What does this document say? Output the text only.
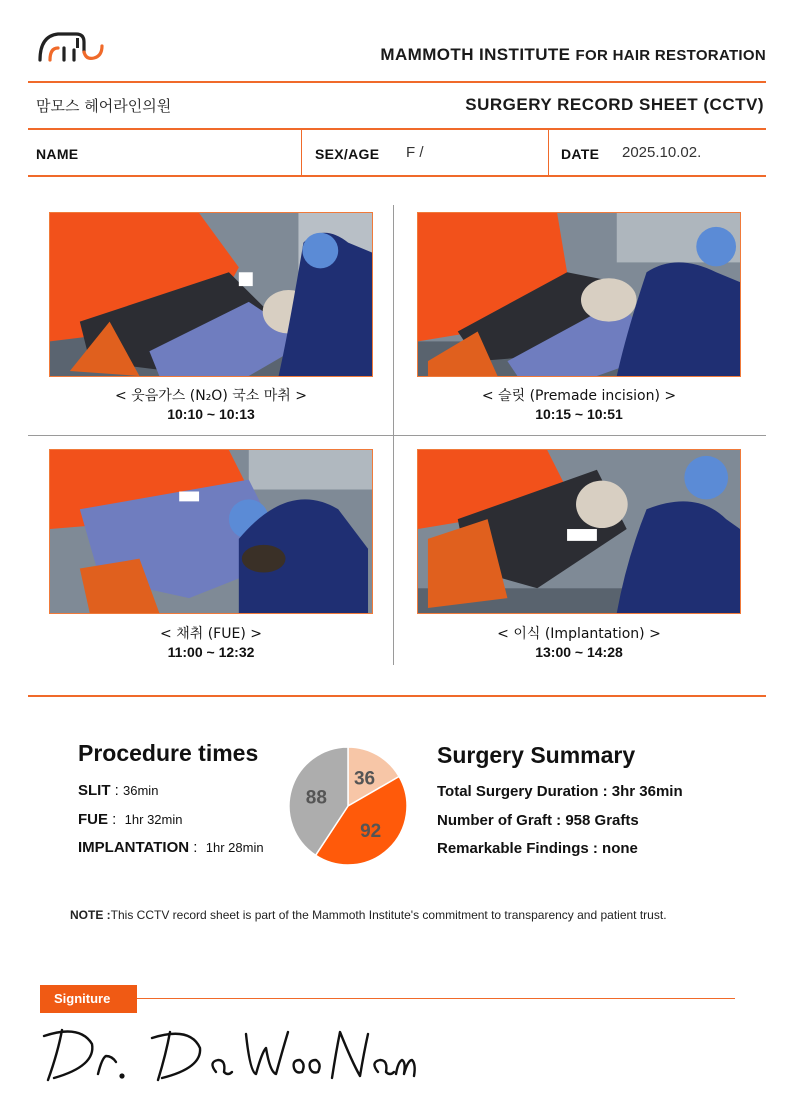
MAMMOTH INSTITUTE FOR HAIR RESTORATION
맘모스 헤어라인의원	SURGERY RECORD SHEET (CCTV)
NAME	SEX/AGE F /	DATE 2025.10.02.
< 웃음가스 (N₂O) 국소 마취 >
10:10 ~ 10:13
< 슬릿 (Premade incision) >
10:15 ~ 10:51
< 채취 (FUE) >
11:00 ~ 12:32
< 이식 (Implantation) >
13:00 ~ 14:28
Procedure times
SLIT : 36min
FUE :  1hr 32min
IMPLANTATION :  1hr 28min
36
92
88
Surgery Summary
Total Surgery Duration : 3hr 36min
Number of Graft : 958 Grafts
Remarkable Findings : none
NOTE :This CCTV record sheet is part of the Mammoth Institute's commitment to transparency and patient trust.
Signiture
